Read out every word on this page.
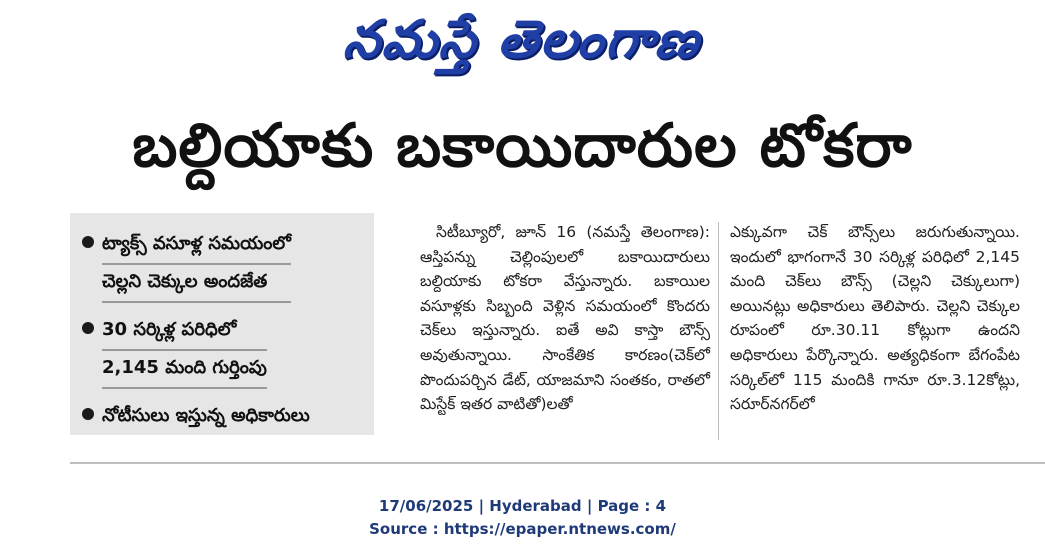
నమస్తే తెలంగాణ
బల్దియాకు బకాయిదారుల టోకరా
ట్యాక్స్ వసూళ్ల సమయంలో
చెల్లని చెక్కుల అందజేత
30 సర్కిళ్ల పరిధిలో
2,145 మంది గుర్తింపు
నోటీసులు ఇస్తున్న అధికారులు
సిటీబ్యూరో, జూన్ 16 (నమస్తే తెలంగాణ): ఆస్తిపన్ను చెల్లింపులలో బకాయిదారులు బల్దియాకు టోకరా వేస్తున్నారు. బకాయిల వసూళ్లకు సిబ్బంది వెళ్లిన సమయంలో కొందరు చెక్‌లు ఇస్తున్నారు. ఐతే అవి కాస్తా బౌన్స్ అవుతున్నాయి. సాంకేతిక కారణం(చెక్‌లో పొందుపర్చిన డేట్, యాజమాని సంతకం, రాతలో మిస్టేక్ ఇతర వాటితో)లతో
ఎక్కువగా చెక్ బౌన్స్‌లు జరుగుతున్నాయి. ఇందులో భాగంగానే 30 సర్కిళ్ల పరిధిలో 2,145 మంది చెక్‌లు బౌన్స్ (చెల్లని చెక్కులుగా) అయినట్లు అధికారులు తెలిపారు. చెల్లని చెక్కుల రూపంలో రూ.30.11 కోట్లుగా ఉందని అధికారులు పేర్కొన్నారు. అత్యధికంగా బేగంపేట సర్కిల్‌లో 115 మందికి గానూ రూ.3.12కోట్లు, సరూర్‌నగర్‌లో
17/06/2025 | Hyderabad | Page : 4
Source : https://epaper.ntnews.com/
